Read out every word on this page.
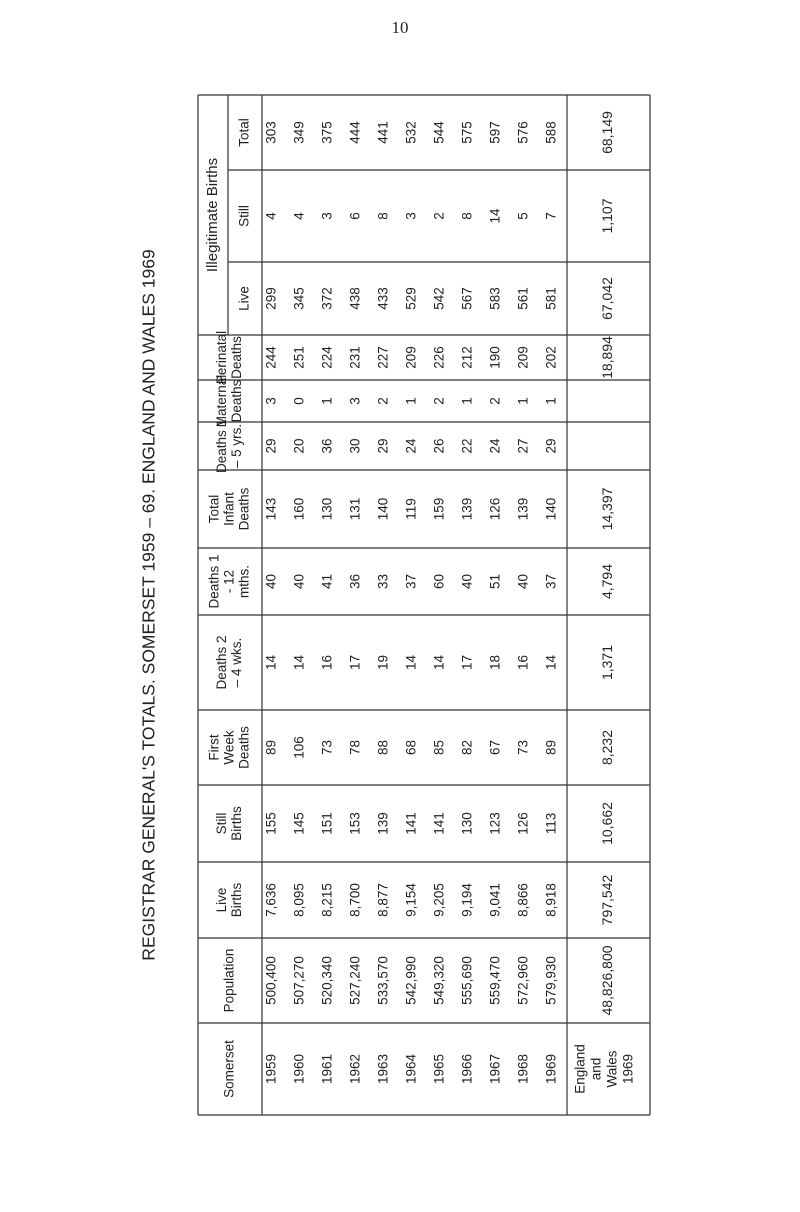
10
REGISTRAR GENERAL'S TOTALS. SOMERSET 1959 – 69. ENGLAND AND WALES 1969
Illegitimate Births
Somerset
Population
Live Births
Still Births
First Week Deaths
Deaths 2 – 4 wks.
Deaths 1 - 12 mths.
Total Infant Deaths
Deaths 1 – 5 yrs.
Maternal Deaths
Perinatal Deaths
Live
Still
Total
1959
500,400
7,636
155
89
14
40
143
29
3
244
299
4
303
1960
507,270
8,095
145
106
14
40
160
20
0
251
345
4
349
1961
520,340
8,215
151
73
16
41
130
36
1
224
372
3
375
1962
527,240
8,700
153
78
17
36
131
30
3
231
438
6
444
1963
533,570
8,877
139
88
19
33
140
29
2
227
433
8
441
1964
542,990
9,154
141
68
14
37
119
24
1
209
529
3
532
1965
549,320
9,205
141
85
14
60
159
26
2
226
542
2
544
1966
555,690
9,194
130
82
17
40
139
22
1
212
567
8
575
1967
559,470
9,041
123
67
18
51
126
24
2
190
583
14
597
1968
572,960
8,866
126
73
16
40
139
27
1
209
561
5
576
1969
579,930
8,918
113
89
14
37
140
29
1
202
581
7
588
England and Wales 1969
48,826,800
797,542
10,662
8,232
1,371
4,794
14,397
18,894
67,042
1,107
68,149
